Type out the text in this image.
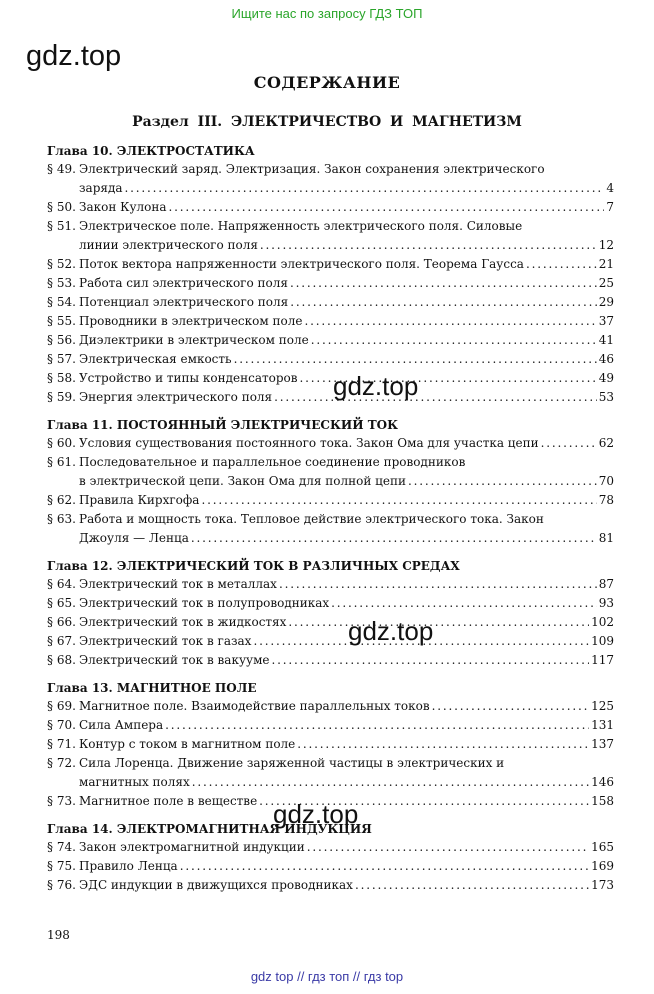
Ищите нас по запросу ГДЗ ТОП
gdz.top
СОДЕРЖАНИЕ
Раздел III. ЭЛЕКТРИЧЕСТВО И МАГНЕТИЗМ
Глава 10. ЭЛЕКТРОСТАТИКА
§ 49. Электрический заряд. Электризация. Закон сохранения электрического
заряда . . .	4
§ 50. Закон Кулона . . .	7
§ 51. Электрическое поле. Напряженность электрического поля. Силовые
линии электрического поля . . .	12
§ 52. Поток вектора напряженности электрического поля. Теорема Гаусса . . .	21
§ 53. Работа сил электрического поля . . .	25
§ 54. Потенциал электрического поля . . .	29
§ 55. Проводники в электрическом поле . . .	37
§ 56. Диэлектрики в электрическом поле . . .	41
§ 57. Электрическая емкость . . .	46
§ 58. Устройство и типы конденсаторов . . .	49
§ 59. Энергия электрического поля . . .	53
Глава 11. ПОСТОЯННЫЙ ЭЛЕКТРИЧЕСКИЙ ТОК
§ 60. Условия существования постоянного тока. Закон Ома для участка цепи . . .	62
§ 61. Последовательное и параллельное соединение проводников
в электрической цепи. Закон Ома для полной цепи . . .	70
§ 62. Правила Кирхгофа . . .	78
§ 63. Работа и мощность тока. Тепловое действие электрического тока. Закон
Джоуля — Ленца . . .	81
Глава 12. ЭЛЕКТРИЧЕСКИЙ ТОК В РАЗЛИЧНЫХ СРЕДАХ
§ 64. Электрический ток в металлах . . .	87
§ 65. Электрический ток в полупроводниках . . .	93
§ 66. Электрический ток в жидкостях . . .	102
§ 67. Электрический ток в газах . . .	109
§ 68. Электрический ток в вакууме . . .	117
Глава 13. МАГНИТНОЕ ПОЛЕ
§ 69. Магнитное поле. Взаимодействие параллельных токов . . .	125
§ 70. Сила Ампера . . .	131
§ 71. Контур с током в магнитном поле . . .	137
§ 72. Сила Лоренца. Движение заряженной частицы в электрических и
магнитных полях . . .	146
§ 73. Магнитное поле в веществе . . .	158
Глава 14. ЭЛЕКТРОМАГНИТНАЯ ИНДУКЦИЯ
§ 74. Закон электромагнитной индукции . . .	165
§ 75. Правило Ленца . . .	169
§ 76. ЭДС индукции в движущихся проводниках . . .	173
gdz.top
gdz.top
gdz.top
198
gdz top // гдз топ // гдз top
